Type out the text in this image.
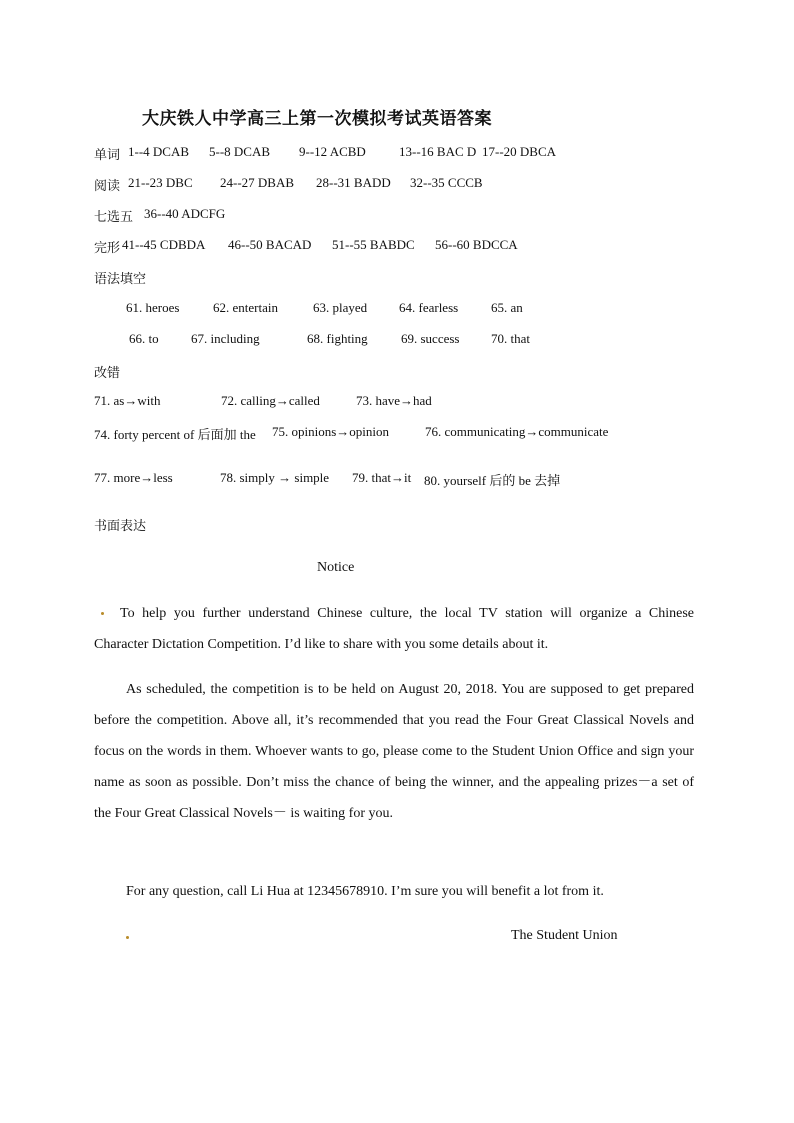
大庆铁人中学高三上第一次模拟考试英语答案
单词 1--4 DCAB 5--8 DCAB 9--12 ACBD	13--16 BAC D 17--20 DBCA
阅读 21--23 DBC 24--27 DBAB 28--31 BADD 32--35 CCCB
七选五 36--40 ADCFG
完形 41--45 CDBDA 46--50 BACAD 51--55 BABDC 56--60 BDCCA
语法填空
61. heroes	62. entertain	63. played 64. fearless	65. an
66. to 67. including	68. fighting	69. success 70. that
改错
71. as→with	72. calling→called	73. have→had
74. forty percent of 后面加 the 75. opinions→opinion	76. communicating→communicate
77. more→less	78. simply → simple 79. that→it 80. yourself 后的 be 去掉
书面表达
Notice
To help you further understand Chinese culture, the local TV station will organize a Chinese Character Dictation Competition. I’d like to share with you some details about it.
As scheduled, the competition is to be held on August 20, 2018. You are supposed to get prepared before the competition. Above all, it’s recommended that you read the Four Great Classical Novels and focus on the words in them. Whoever wants to go, please come to the Student Union Office and sign your name as soon as possible. Don’t miss the chance of being the winner, and the appealing prizes－a set of the Four Great Classical Novels－ is waiting for you.
For any question, call Li Hua at 12345678910. I’m sure you will benefit a lot from it.
The Student Union
